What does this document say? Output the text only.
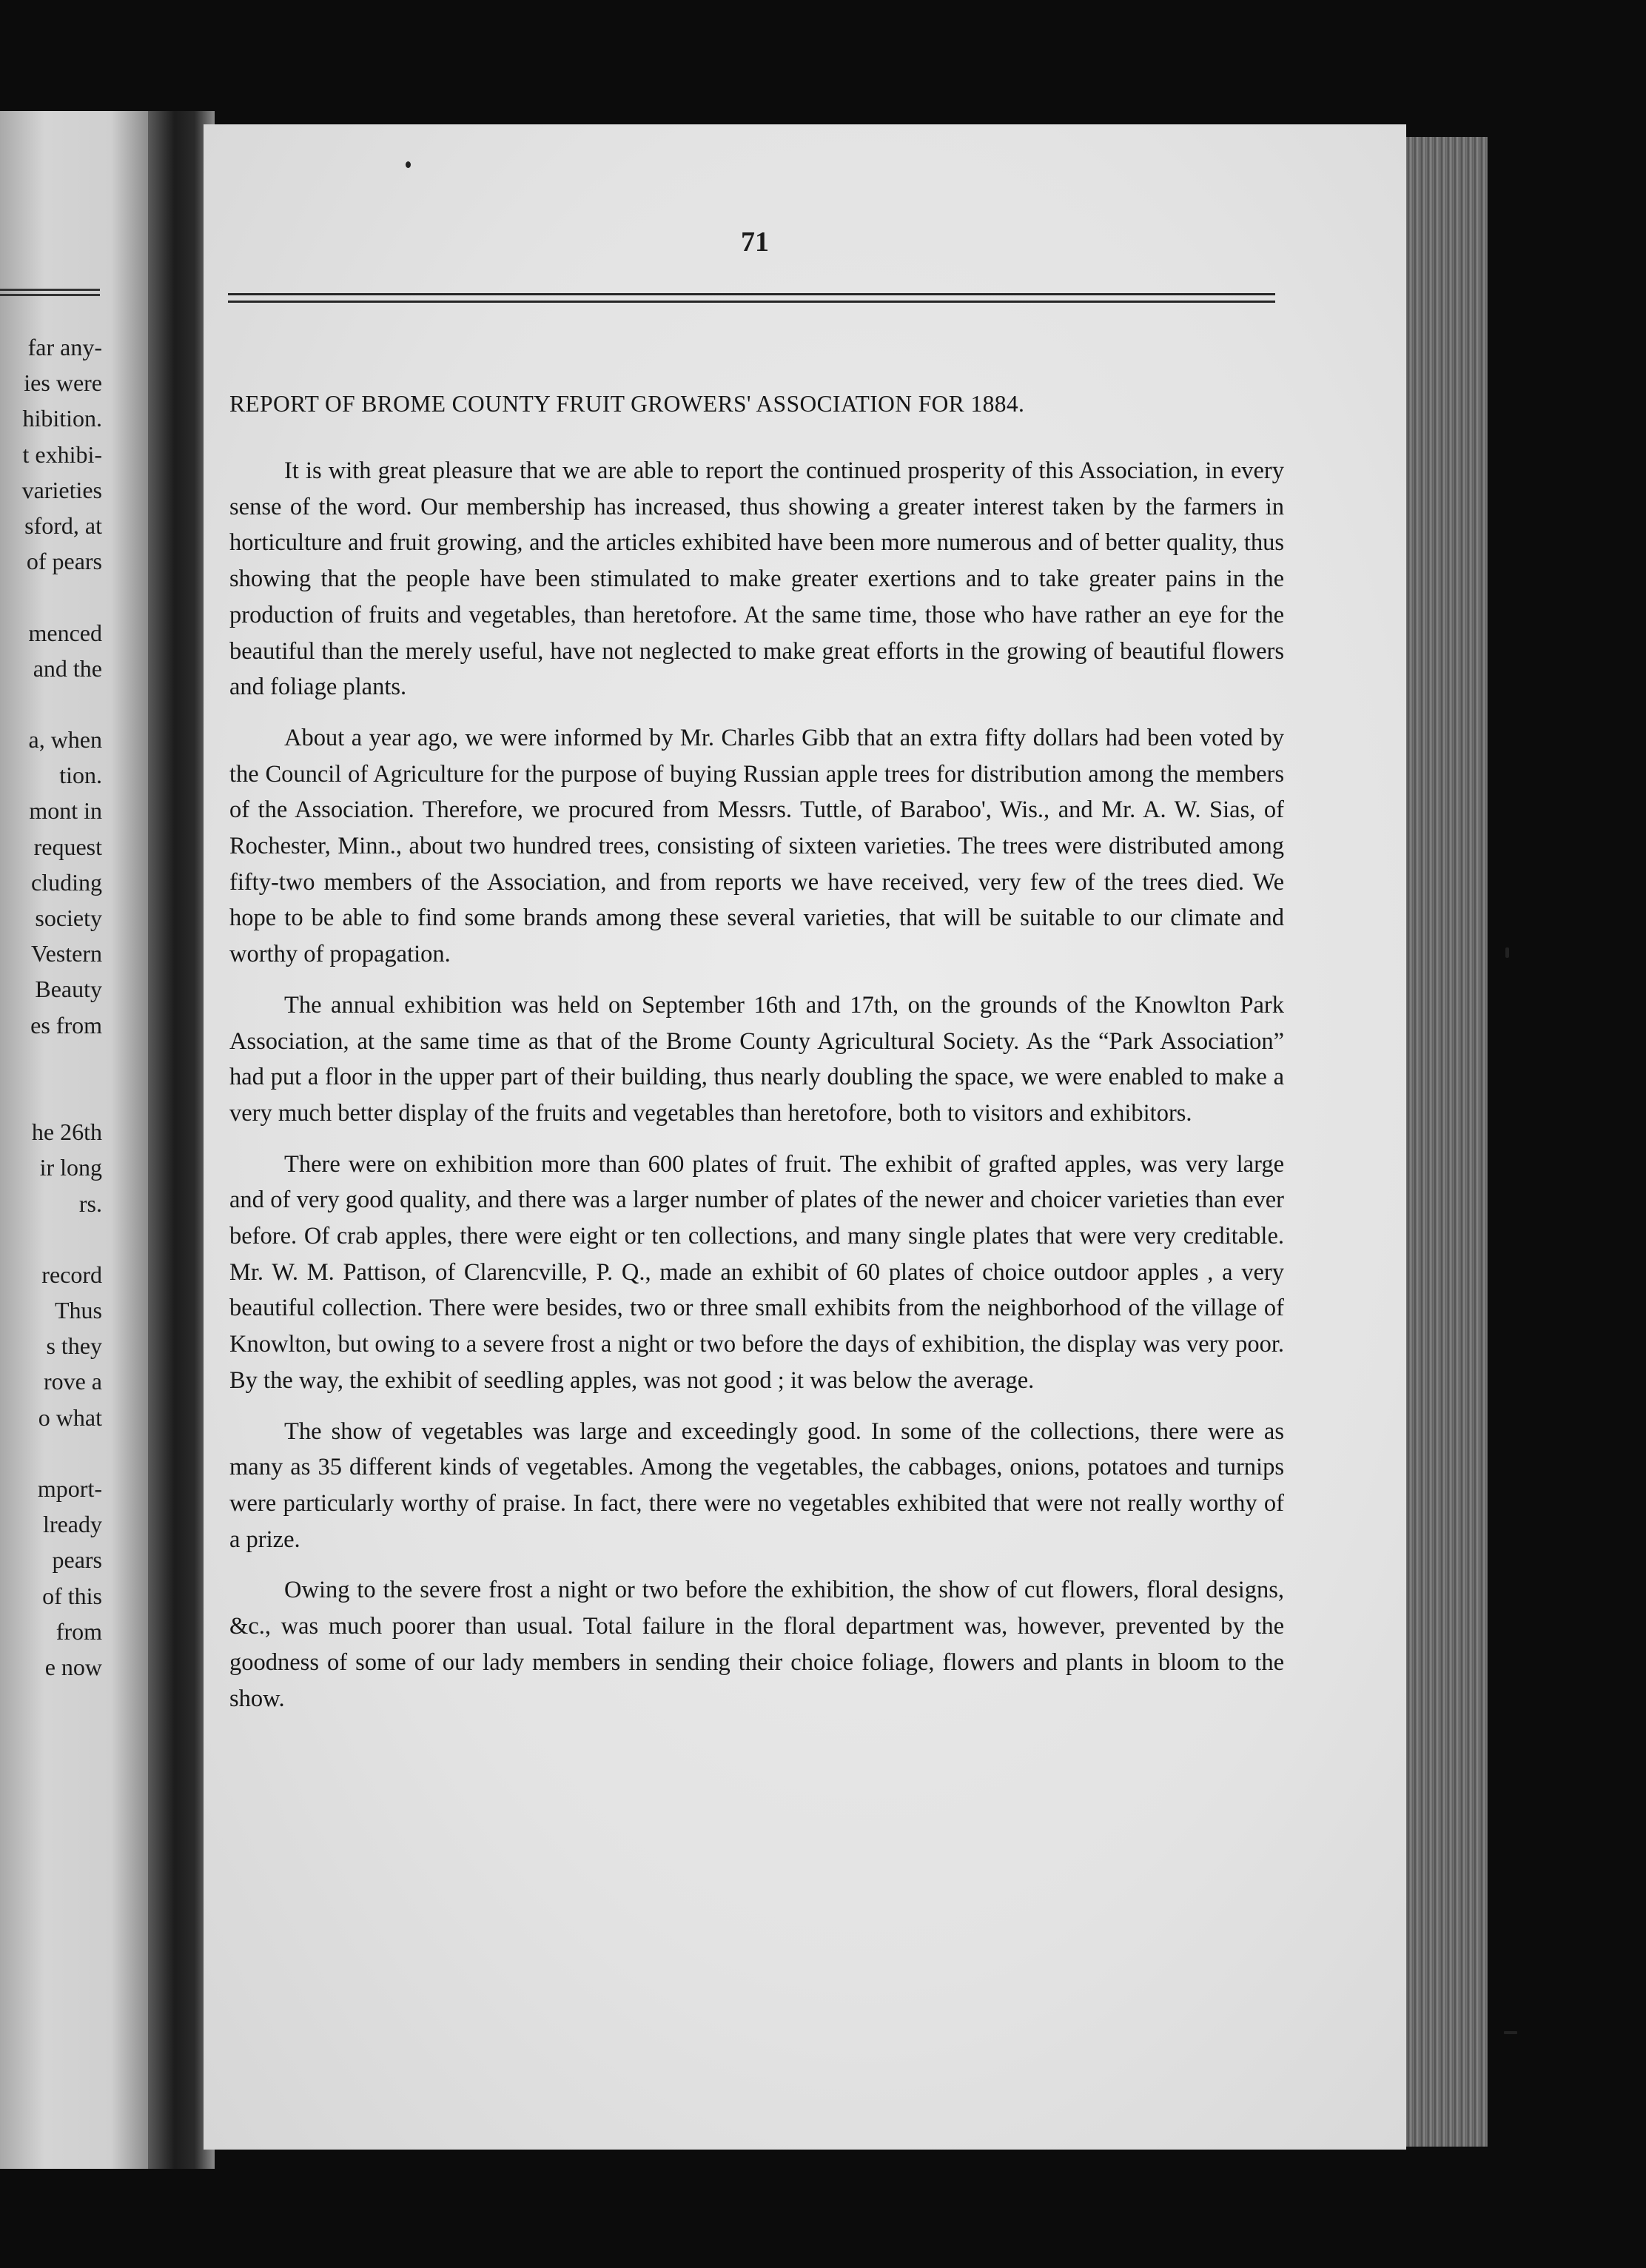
far any-
ies were
hibition.
t exhibi-
varieties
sford, at
of pears
menced
and the
a, when
tion.
mont in
request
cluding
society
Vestern
Beauty
es from
he 26th
ir long
rs.
record
Thus
s they
rove a
o what
mport-
lready
pears
of this
from
e now
71
REPORT OF BROME COUNTY FRUIT GROWERS' ASSOCIATION FOR 1884.

It is with great pleasure that we are able to report the continued prosperity of this Association, in every sense of the word. Our membership has increased, thus showing a greater interest taken by the farmers in horticulture and fruit growing, and the articles exhibited have been more numerous and of better quality, thus showing that the people have been stimulated to make greater exertions and to take greater pains in the production of fruits and vegetables, than heretofore. At the same time, those who have rather an eye for the beautiful than the merely useful, have not neglected to make great efforts in the growing of beautiful flowers and foliage plants.

About a year ago, we were informed by Mr. Charles Gibb that an extra fifty dollars had been voted by the Council of Agriculture for the purpose of buying Russian apple trees for distribution among the members of the Association. Therefore, we procured from Messrs. Tuttle, of Baraboo', Wis., and Mr. A. W. Sias, of Rochester, Minn., about two hundred trees, consisting of sixteen varieties. The trees were distributed among fifty-two members of the Association, and from reports we have received, very few of the trees died. We hope to be able to find some brands among these several varieties, that will be suitable to our climate and worthy of propagation.

The annual exhibition was held on September 16th and 17th, on the grounds of the Knowlton Park Association, at the same time as that of the Brome County Agricultural Society. As the “Park Association” had put a floor in the upper part of their building, thus nearly doubling the space, we were enabled to make a very much better display of the fruits and vegetables than heretofore, both to visitors and exhibitors.

There were on exhibition more than 600 plates of fruit. The exhibit of grafted apples, was very large and of very good quality, and there was a larger number of plates of the newer and choicer varieties than ever before. Of crab apples, there were eight or ten collections, and many single plates that were very creditable. Mr. W. M. Pattison, of Clarencville, P. Q., made an exhibit of 60 plates of choice outdoor apples , a very beautiful collection. There were besides, two or three small exhibits from the neighborhood of the village of Knowlton, but owing to a severe frost a night or two before the days of exhibition, the display was very poor. By the way, the exhibit of seedling apples, was not good ; it was below the average.

The show of vegetables was large and exceedingly good. In some of the collections, there were as many as 35 different kinds of vegetables. Among the vegetables, the cabbages, onions, potatoes and turnips were particularly worthy of praise. In fact, there were no vegetables exhibited that were not really worthy of a prize.

Owing to the severe frost a night or two before the exhibition, the show of cut flowers, floral designs, &c., was much poorer than usual. Total failure in the floral department was, however, prevented by the goodness of some of our lady members in sending their choice foliage, flowers and plants in bloom to the show.
